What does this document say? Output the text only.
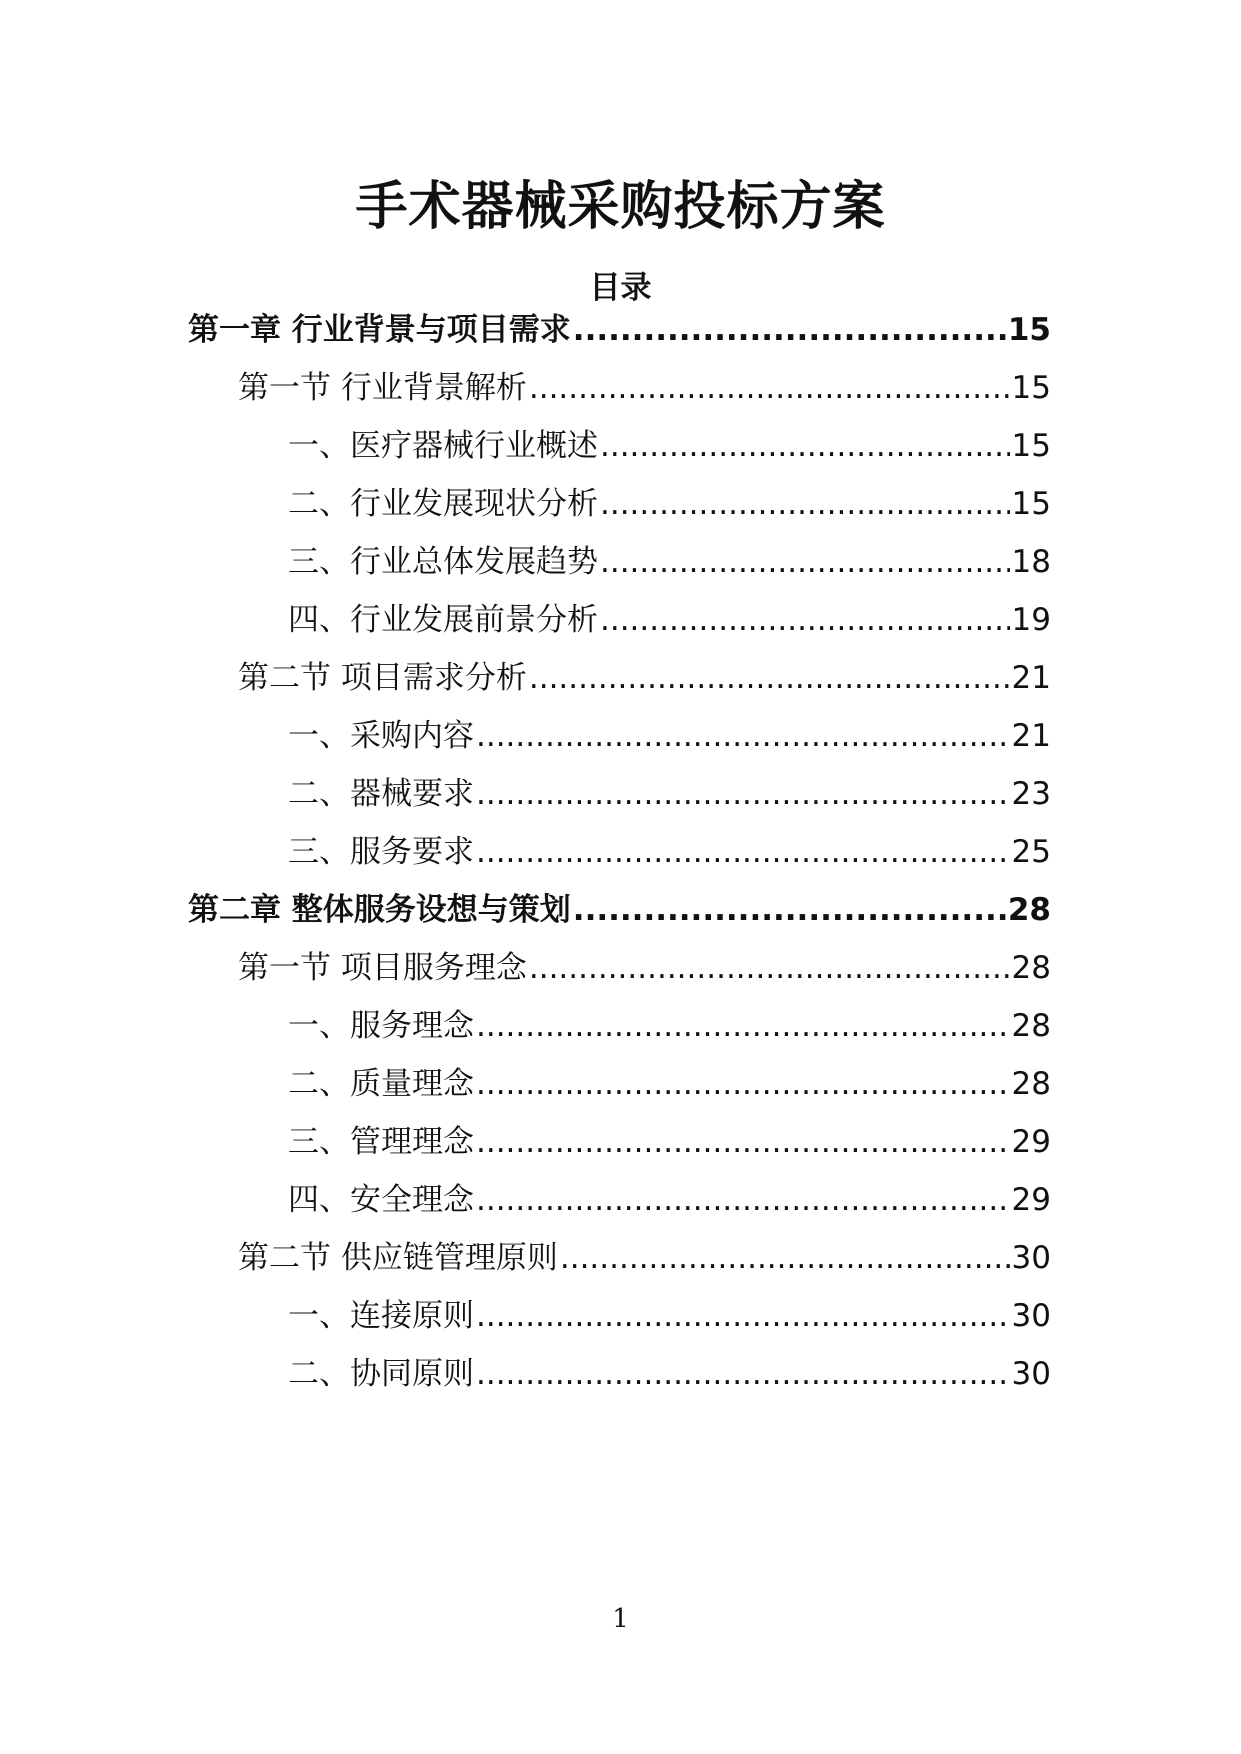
手术器械采购投标方案
目录
第一章 行业背景与项目需求 .....	15
第一节 行业背景解析 .....	15
一、医疗器械行业概述 .....	15
二、行业发展现状分析 .....	15
三、行业总体发展趋势 .....	18
四、行业发展前景分析 .....	19
第二节 项目需求分析 .....	21
一、采购内容 .....	21
二、器械要求 .....	23
三、服务要求 .....	25
第二章 整体服务设想与策划 .....	28
第一节 项目服务理念 .....	28
一、服务理念 .....	28
二、质量理念 .....	28
三、管理理念 .....	29
四、安全理念 .....	29
第二节 供应链管理原则 .....	30
一、连接原则 .....	30
二、协同原则 .....	30
1
